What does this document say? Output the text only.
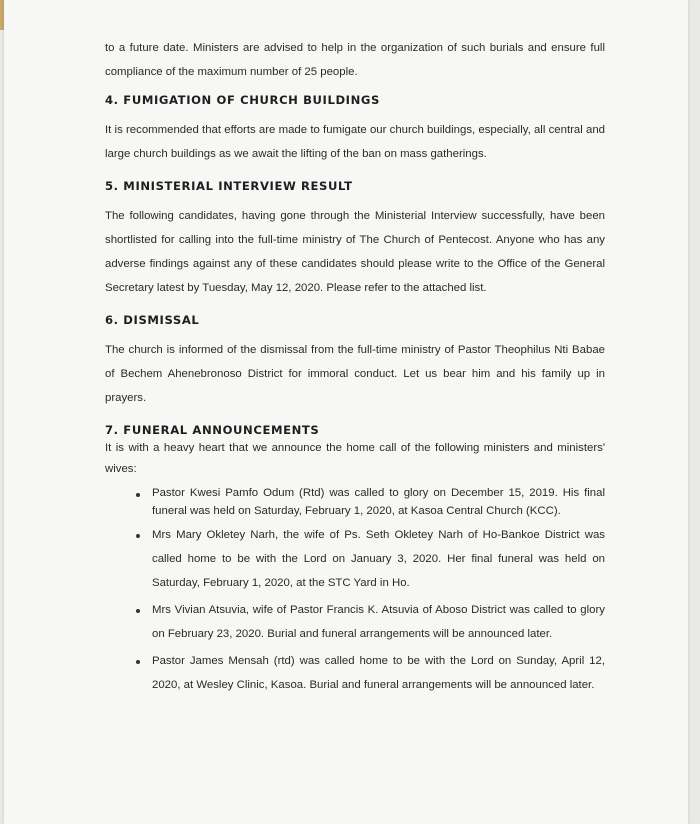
to a future date. Ministers are advised to help in the organization of such burials and ensure full compliance of the maximum number of 25 people.

4. FUMIGATION OF CHURCH BUILDINGS

It is recommended that efforts are made to fumigate our church buildings, especially, all central and large church buildings as we await the lifting of the ban on mass gatherings.

5. MINISTERIAL INTERVIEW RESULT

The following candidates, having gone through the Ministerial Interview successfully, have been shortlisted for calling into the full-time ministry of The Church of Pentecost. Anyone who has any adverse findings against any of these candidates should please write to the Office of the General Secretary latest by Tuesday, May 12, 2020. Please refer to the attached list.

6. DISMISSAL

The church is informed of the dismissal from the full-time ministry of Pastor Theophilus Nti Babae of Bechem Ahenebronoso District for immoral conduct. Let us bear him and his family up in prayers.

7. FUNERAL ANNOUNCEMENTS

It is with a heavy heart that we announce the home call of the following ministers and ministers' wives:

Pastor Kwesi Pamfo Odum (Rtd) was called to glory on December 15, 2019. His final funeral was held on Saturday, February 1, 2020, at Kasoa Central Church (KCC).
Mrs Mary Okletey Narh, the wife of Ps. Seth Okletey Narh of Ho-Bankoe District was called home to be with the Lord on January 3, 2020. Her final funeral was held on Saturday, February 1, 2020, at the STC Yard in Ho.
Mrs Vivian Atsuvia, wife of Pastor Francis K. Atsuvia of Aboso District was called to glory on February 23, 2020. Burial and funeral arrangements will be announced later.
Pastor James Mensah (rtd) was called home to be with the Lord on Sunday, April 12, 2020, at Wesley Clinic, Kasoa. Burial and funeral arrangements will be announced later.
